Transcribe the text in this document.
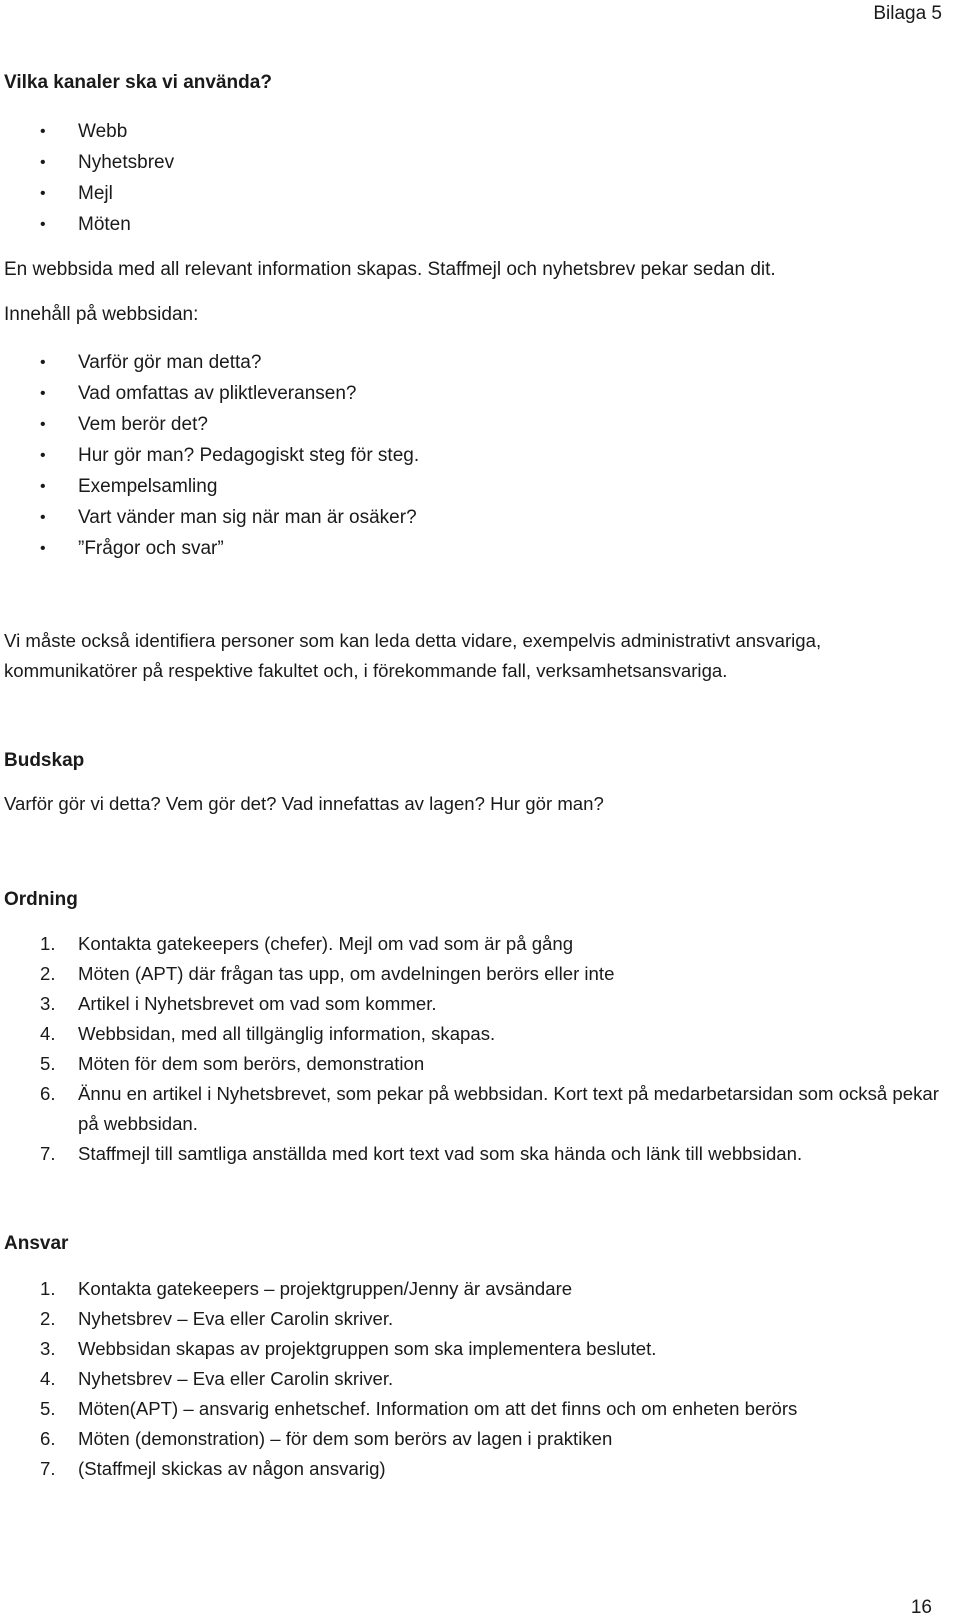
Bilaga 5
Vilka kanaler ska vi använda?
• Webb
• Nyhetsbrev
• Mejl
• Möten
En webbsida med all relevant information skapas. Staffmejl och nyhetsbrev pekar sedan dit.
Innehåll på webbsidan:
• Varför gör man detta?
• Vad omfattas av pliktleveransen?
• Vem berör det?
• Hur gör man? Pedagogiskt steg för steg.
• Exempelsamling
• Vart vänder man sig när man är osäker?
• ”Frågor och svar”
Vi måste också identifiera personer som kan leda detta vidare, exempelvis administrativt ansvariga, kommunikatörer på respektive fakultet och, i förekommande fall, verksamhetsansvariga.
Budskap
Varför gör vi detta? Vem gör det? Vad innefattas av lagen? Hur gör man?
Ordning
1. Kontakta gatekeepers (chefer). Mejl om vad som är på gång
2. Möten (APT) där frågan tas upp, om avdelningen berörs eller inte
3. Artikel i Nyhetsbrevet om vad som kommer.
4. Webbsidan, med all tillgänglig information, skapas.
5. Möten för dem som berörs, demonstration
6. Ännu en artikel i Nyhetsbrevet, som pekar på webbsidan. Kort text på medarbetarsidan som också pekar på webbsidan.
7. Staffmejl till samtliga anställda med kort text vad som ska hända och länk till webbsidan.
Ansvar
1. Kontakta gatekeepers – projektgruppen/Jenny är avsändare
2. Nyhetsbrev – Eva eller Carolin skriver.
3. Webbsidan skapas av projektgruppen som ska implementera beslutet.
4. Nyhetsbrev – Eva eller Carolin skriver.
5. Möten(APT) – ansvarig enhetschef. Information om att det finns och om enheten berörs
6. Möten (demonstration) – för dem som berörs av lagen i praktiken
7. (Staffmejl skickas av någon ansvarig)
16
